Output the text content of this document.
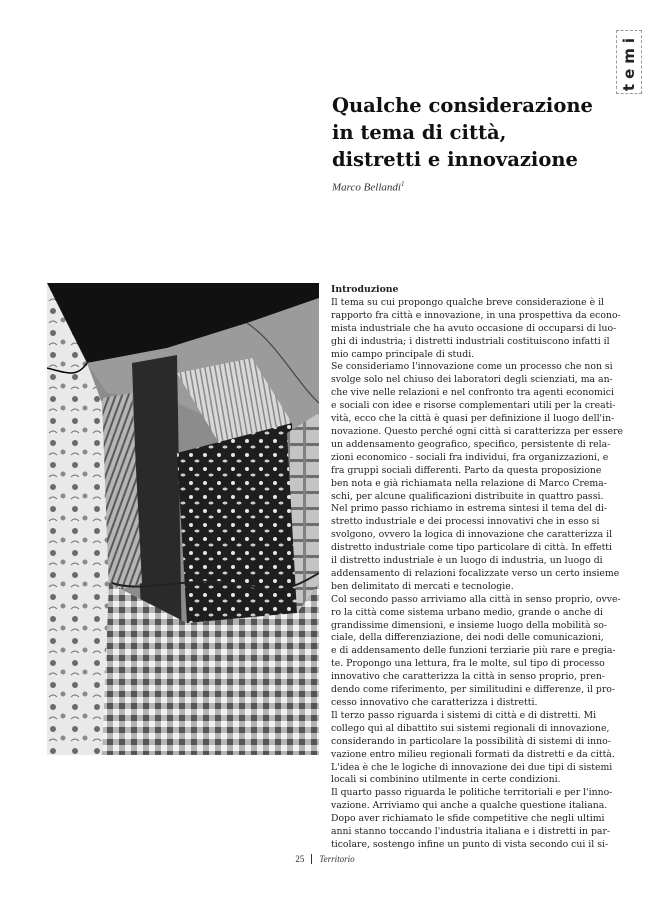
temi
Qualche considerazione
in tema di città,
distretti e innovazione
Marco Bellandi$^1$
Introduzione
Il tema su cui propongo qualche breve considerazione è il
rapporto fra città e innovazione, in una prospettiva da econo-
mista industriale che ha avuto occasione di occuparsi di luo-
ghi di industria; i distretti industriali costituiscono infatti il
mio campo principale di studi.
Se consideriamo l'innovazione come un processo che non si
svolge solo nel chiuso dei laboratori degli scienziati, ma an-
che vive nelle relazioni e nel confronto tra agenti economici
e sociali con idee e risorse complementari utili per la creati-
vità, ecco che la città è quasi per definizione il luogo dell'in-
novazione. Questo perché ogni città si caratterizza per essere
un addensamento geografico, specifico, persistente di rela-
zioni economico - sociali fra individui, fra organizzazioni, e
fra gruppi sociali differenti. Parto da questa proposizione
ben nota e già richiamata nella relazione di Marco Crema-
schi, per alcune qualificazioni distribuite in quattro passi.
Nel primo passo richiamo in estrema sintesi il tema del di-
stretto industriale e dei processi innovativi che in esso si
svolgono, ovvero la logica di innovazione che caratterizza il
distretto industriale come tipo particolare di città. In effetti
il distretto industriale è un luogo di industria, un luogo di
addensamento di relazioni focalizzate verso un certo insieme
ben delimitato di mercati e tecnologie.
Col secondo passo arriviamo alla città in senso proprio, ovve-
ro la città come sistema urbano medio, grande o anche di
grandissime dimensioni, e insieme luogo della mobilità so-
ciale, della differenziazione, dei nodi delle comunicazioni,
e di addensamento delle funzioni terziarie più rare e pregia-
te. Propongo una lettura, fra le molte, sul tipo di processo
innovativo che caratterizza la città in senso proprio, pren-
dendo come riferimento, per similitudini e differenze, il pro-
cesso innovativo che caratterizza i distretti.
Il terzo passo riguarda i sistemi di città e di distretti. Mi
collego qui al dibattito sui sistemi regionali di innovazione,
considerando in particolare la possibilità di sistemi di inno-
vazione entro milieu regionali formati da distretti e da città.
L'idea è che le logiche di innovazione dei due tipi di sistemi
locali si combinino utilmente in certe condizioni.
Il quarto passo riguarda le politiche territoriali e per l'inno-
vazione. Arriviamo qui anche a qualche questione italiana.
Dopo aver richiamato le sfide competitive che negli ultimi
anni stanno toccando l'industria italiana e i distretti in par-
ticolare, sostengo infine un punto di vista secondo cui il si-
25 Territorio
